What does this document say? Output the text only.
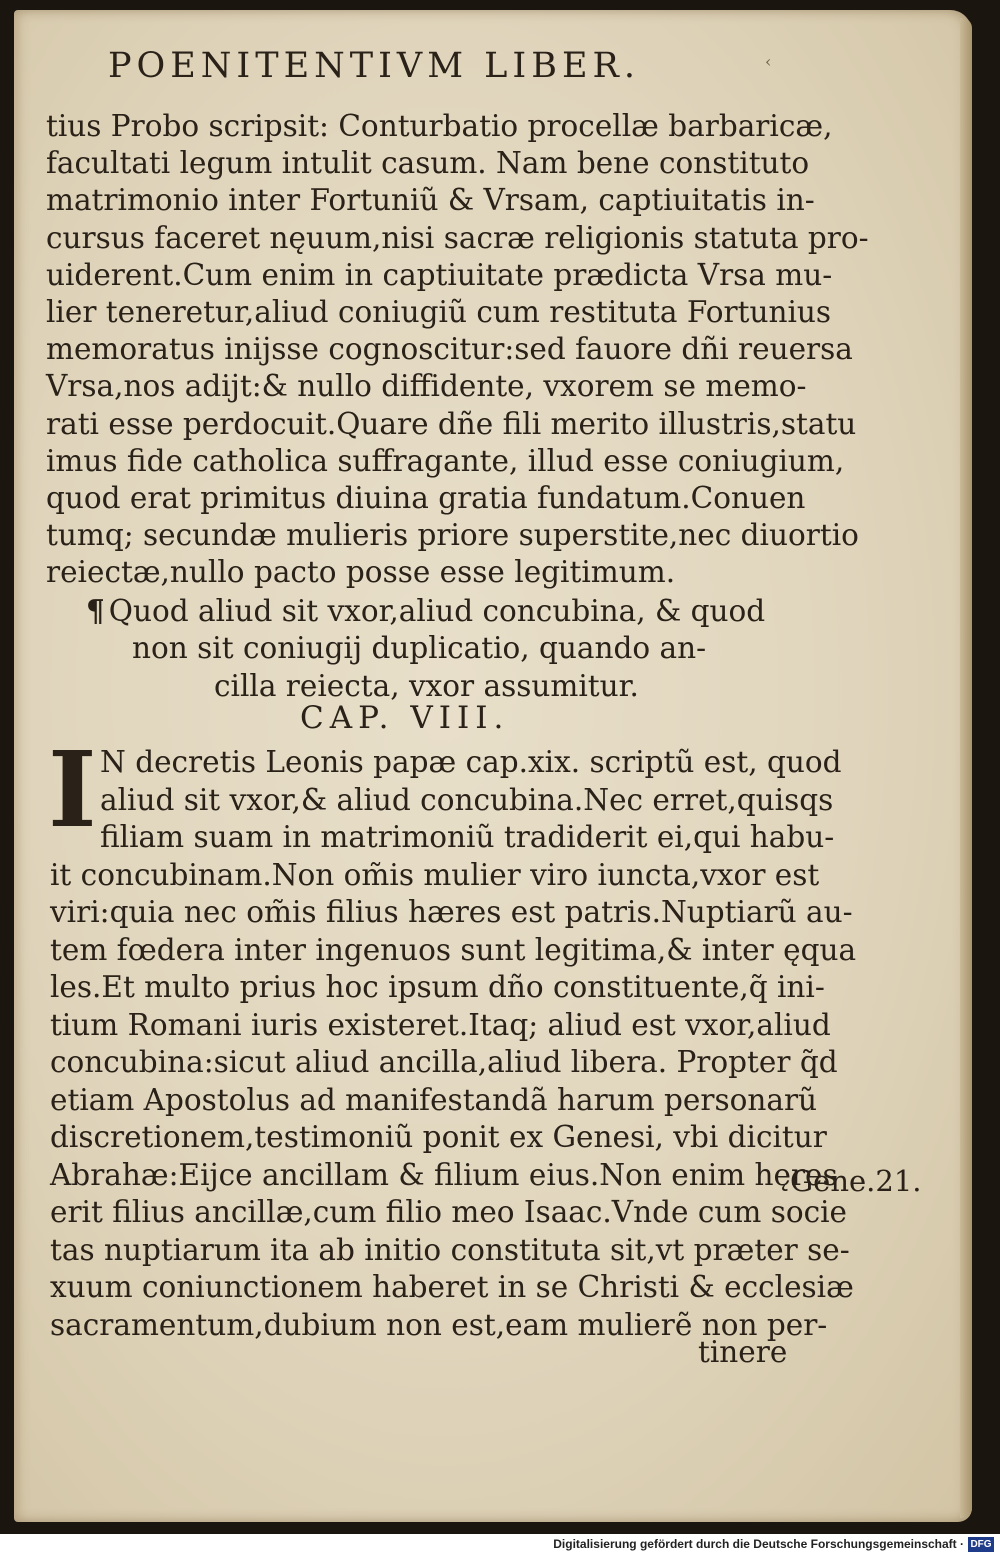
POENITENTIVM LIBER.	‹
tius Probo scripsit: Conturbatio procellæ barbaricæ,
facultati legum intulit casum. Nam bene constituto
matrimonio inter Fortuniũ & Vrsam, captiuitatis in-
cursus faceret nęuum,nisi sacræ religionis statuta pro-
uiderent.Cum enim in captiuitate prædicta Vrsa mu-
lier teneretur,aliud coniugiũ cum restituta Fortunius
memoratus inijsse cognoscitur:sed fauore dñi reuersa
Vrsa,nos adijt:& nullo diffidente, vxorem se memo-
rati esse perdocuit.Quare dñe fili merito illustris,statu
imus fide catholica suffragante, illud esse coniugium,
quod erat primitus diuina gratia fundatum.Conuen
tumq; secundæ mulieris priore superstite,nec diuortio
reiectæ,nullo pacto posse esse legitimum.
¶ Quod aliud sit vxor,aliud concubina, & quod
non sit coniugij duplicatio, quando an-
cilla reiecta, vxor assumitur.
CAP. VIII.
I N decretis Leonis papæ cap.xix. scriptũ est, quod
aliud sit vxor,& aliud concubina.Nec erret,quisqs
filiam suam in matrimoniũ tradiderit ei,qui habu-
it concubinam.Non om̃is mulier viro iuncta,vxor est
viri:quia nec om̃is filius hæres est patris.Nuptiarũ au-
tem fœdera inter ingenuos sunt legitima,& inter ęqua
les.Et multo prius hoc ipsum dño constituente,q̃ ini-
tium Romani iuris existeret.Itaq; aliud est vxor,aliud
concubina:sicut aliud ancilla,aliud libera. Propter q̃d
etiam Apostolus ad manifestandã harum personarũ
discretionem,testimoniũ ponit ex Genesi, vbi dicitur
Abrahæ:Eijce ancillam & filium eius.Non enim hęres
erit filius ancillæ,cum filio meo Isaac.Vnde cum socie
tas nuptiarum ita ab initio constituta sit,vt præter se-
xuum coniunctionem haberet in se Christi & ecclesiæ
sacramentum,dubium non est,eam mulierẽ non per-
tinere
Gene.21.
Digitalisierung gefördert durch die Deutsche Forschungsgemeinschaft · DFG
